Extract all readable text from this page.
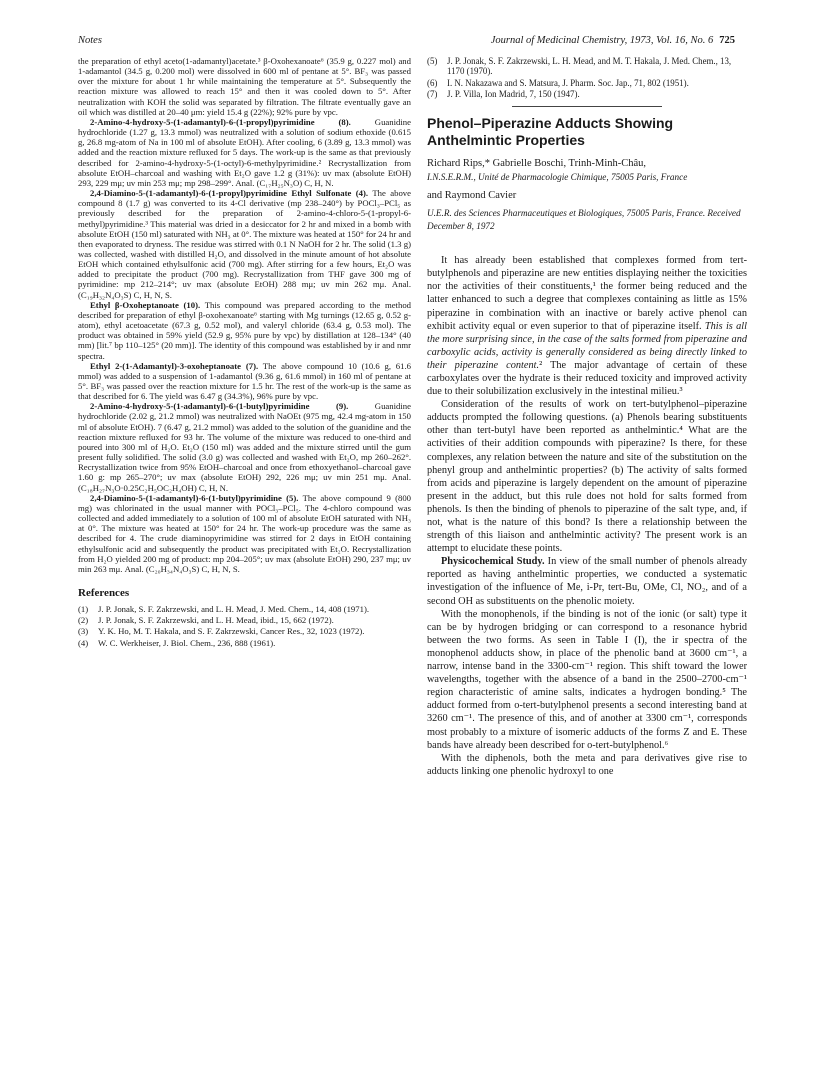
Notes	Journal of Medicinal Chemistry, 1973, Vol. 16, No. 6 725

the preparation of ethyl aceto(1-adamantyl)acetate.³ β-Oxohexanoate⁶ (35.9 g, 0.227 mol) and 1-adamantol (34.5 g, 0.200 mol) were dissolved in 600 ml of pentane at 5°. BF₃ was passed over the mixture for about 1 hr while maintaining the temperature at 5°. Subsequently the reaction mixture was allowed to reach 15° and then it was cooled down to 5°. After neutralization with KOH the solid was separated by filtration. The filtrate eventually gave an oil which was distilled at 20–40 μm: yield 15.4 g (22%); 92% pure by vpc.

2-Amino-4-hydroxy-5-(1-adamantyl)-6-(1-propyl)pyrimidine (8).	Guanidine hydrochloride (1.27 g, 13.3 mmol) was neutralized with a solution of sodium ethoxide (0.615 g, 26.8 mg-atom of Na in 100 ml of absolute EtOH). After cooling, 6 (3.89 g, 13.3 mmol) was added and the reaction mixture refluxed for 5 days. The work-up is the same as that previously described for 2-amino-4-hydroxy-5-(1-octyl)-6-methylpyrimidine.² Recrystallization from absolute EtOH–charcoal and washing with Et₂O gave 1.2 g (31%): uv max (absolute EtOH) 293, 229 mμ; uv min 253 mμ; mp 298–299°. Anal. (C₁₇H₂₅N₃O) C, H, N.

2,4-Diamino-5-(1-adamantyl)-6-(1-propyl)pyrimidine Ethyl Sulfonate (4). The above compound 8 (1.7 g) was converted to its 4-Cl derivative (mp 238–240°) by POCl₃–PCl₅ as previously described for the preparation of 2-amino-4-chloro-5-(1-propyl-6-methyl)pyrimidine.³ This material was dried in a desiccator for 2 hr and mixed in a bomb with absolute EtOH (150 ml) saturated with NH₃ at 0°. The mixture was heated at 150° for 24 hr and then evaporated to dryness. The residue was stirred with 0.1 N NaOH for 2 hr. The solid (1.3 g) was collected, washed with distilled H₂O, and dissolved in the minute amount of hot absolute EtOH which contained ethylsulfonic acid (700 mg). After stirring for a few hours, Et₂O was added to precipitate the product (700 mg). Recrystallization from THF gave 300 mg of pyrimidine: mp 212–214°; uv max (absolute EtOH) 288 mμ; uv min 262 mμ. Anal. (C₁₉H₃₂N₄O₃S) C, H, N, S.

Ethyl β-Oxoheptanoate (10). This compound was prepared according to the method described for preparation of ethyl β-oxohexanoate⁶ starting with Mg turnings (12.65 g, 0.52 g-atom), ethyl acetoacetate (67.3 g, 0.52 mol), and valeryl chloride (63.4 g, 0.53 mol). The product was obtained in 59% yield (52.9 g, 95% pure by vpc) by distillation at 128–134° (40 mm) [lit.⁷ bp 110–125° (20 mm)]. The identity of this compound was established by ir and nmr spectra.

Ethyl 2-(1-Adamantyl)-3-oxoheptanoate (7). The above compound 10 (10.6 g, 61.6 mmol) was added to a suspension of 1-adamantol (9.36 g, 61.6 mmol) in 160 ml of pentane at 5°. BF₃ was passed over the reaction mixture for 1.5 hr. The rest of the work-up is the same as that described for 6. The yield was 6.47 g (34.3%), 96% pure by vpc.

2-Amino-4-hydroxy-5-(1-adamantyl)-6-(1-butyl)pyrimidine (9).	Guanidine hydrochloride (2.02 g, 21.2 mmol) was neutralized with NaOEt (975 mg, 42.4 mg-atom in 150 ml of absolute EtOH). 7 (6.47 g, 21.2 mmol) was added to the solution of the guanidine and the reaction mixture refluxed for 93 hr. The volume of the mixture was reduced to one-third and poured into 300 ml of H₂O. Et₂O (150 ml) was added and the mixture stirred until the gum present fully solidified. The solid (3.0 g) was collected and washed with Et₂O, mp 260–262°. Recrystallization twice from 95% EtOH–charcoal and once from ethoxyethanol–charcoal gave 1.60 g: mp 265–270°; uv max (absolute EtOH) 292, 226 mμ; uv min 251 mμ. Anal. (C₁₈H₂₇N₃O·0.25C₂H₅OC₂H₄OH) C, H, N.

2,4-Diamino-5-(1-adamantyl)-6-(1-butyl)pyrimidine (5). The above compound 9 (800 mg) was chlorinated in the usual manner with POCl₃–PCl₅. The 4-chloro compound was collected and added immediately to a solution of 100 ml of absolute EtOH saturated with NH₃ at 0°. The mixture was heated at 150° for 24 hr. The work-up procedure was the same as described for 4. The crude diaminopyrimidine was stirred for 2 days in EtOH containing ethylsulfonic acid and subsequently the product was precipitated with Et₂O. Recrystallization from H₂O yielded 200 mg of product: mp 204–205°; uv max (absolute EtOH) 290, 237 mμ; uv min 263 mμ. Anal. (C₂₀H₃₄N₄O₃S) C, H, N, S.

References

(1) J. P. Jonak, S. F. Zakrzewski, and L. H. Mead, J. Med. Chem., 14, 408 (1971).

(2) J. P. Jonak, S. F. Zakrzewski, and L. H. Mead, ibid., 15, 662 (1972).

(3) Y. K. Ho, M. T. Hakala, and S. F. Zakrzewski, Cancer Res., 32, 1023 (1972).

(4) W. C. Werkheiser, J. Biol. Chem., 236, 888 (1961).

(5) J. P. Jonak, S. F. Zakrzewski, L. H. Mead, and M. T. Hakala, J. Med. Chem., 13, 1170 (1970).

(6) I. N. Nakazawa and S. Matsura, J. Pharm. Soc. Jap., 71, 802 (1951).

(7) J. P. Villa, Ion Madrid, 7, 150 (1947).

Phenol–Piperazine Adducts Showing Anthelmintic Properties

Richard Rips,* Gabrielle Boschi, Trinh-Minh-Châu,

I.N.S.E.R.M., Unité de Pharmacologie Chimique, 75005 Paris, France

and Raymond Cavier

U.E.R. des Sciences Pharmaceutiques et Biologiques, 75005 Paris, France. Received December 8, 1972

It has already been established that complexes formed from tert-butylphenols and piperazine are new entities displaying neither the toxicities nor the activities of their constituents,¹ the former being reduced and the latter enhanced to such a degree that complexes containing as little as 15% piperazine in combination with an inactive or barely active phenol can exhibit activity equal or even superior to that of piperazine itself. This is all the more surprising since, in the case of the salts formed from piperazine and carboxylic acids, activity is generally considered as being directly linked to their piperazine content.² The major advantage of certain of these carboxylates over the hydrate is their reduced toxicity and improved activity due to their solubilization exclusively in the intestinal milieu.³

Consideration of the results of work on tert-butylphenol–piperazine adducts prompted the following questions. (a) Phenols bearing substituents other than tert-butyl have been reported as anthelmintic.⁴ What are the activities of their addition compounds with piperazine? Is there, for these complexes, any relation between the nature and site of the substitution on the phenyl group and anthelmintic properties? (b) The activity of salts formed from acids and piperazine is largely dependent on the amount of piperazine present in the adduct, but this rule does not hold for salts formed from phenols. Is then the binding of phenols to piperazine of the salt type, and, if not, what is the nature of this bond? Is there a relationship between the strength of this liaison and anthelmintic activity? The present work is an attempt to elucidate these points.

Physicochemical Study. In view of the small number of phenols already reported as having anthelmintic properties, we conducted a systematic investigation of the influence of Me, i-Pr, tert-Bu, OMe, Cl, NO₂, and of a second OH as substituents on the phenolic moiety.

With the monophenols, if the binding is not of the ionic (or salt) type it can be by hydrogen bridging or can correspond to a resonance hybrid between the two forms. As seen in Table I (I), the ir spectra of the monophenol adducts show, in place of the phenolic band at 3600 cm⁻¹, a narrow, intense band in the 3300-cm⁻¹ region. This shift toward the lower wavelengths, together with the absence of a band in the 2500–2700-cm⁻¹ region characteristic of amine salts, indicates a hydrogen bonding.⁵ The adduct formed from o-tert-butylphenol presents a second interesting band at 3260 cm⁻¹. The presence of this, and of another at 3300 cm⁻¹, corresponds most probably to a mixture of isomeric adducts of the forms Z and E. These bands have already been described for o-tert-butylphenol.⁶

With the diphenols, both the meta and para derivatives give rise to adducts linking one phenolic hydroxyl to one
